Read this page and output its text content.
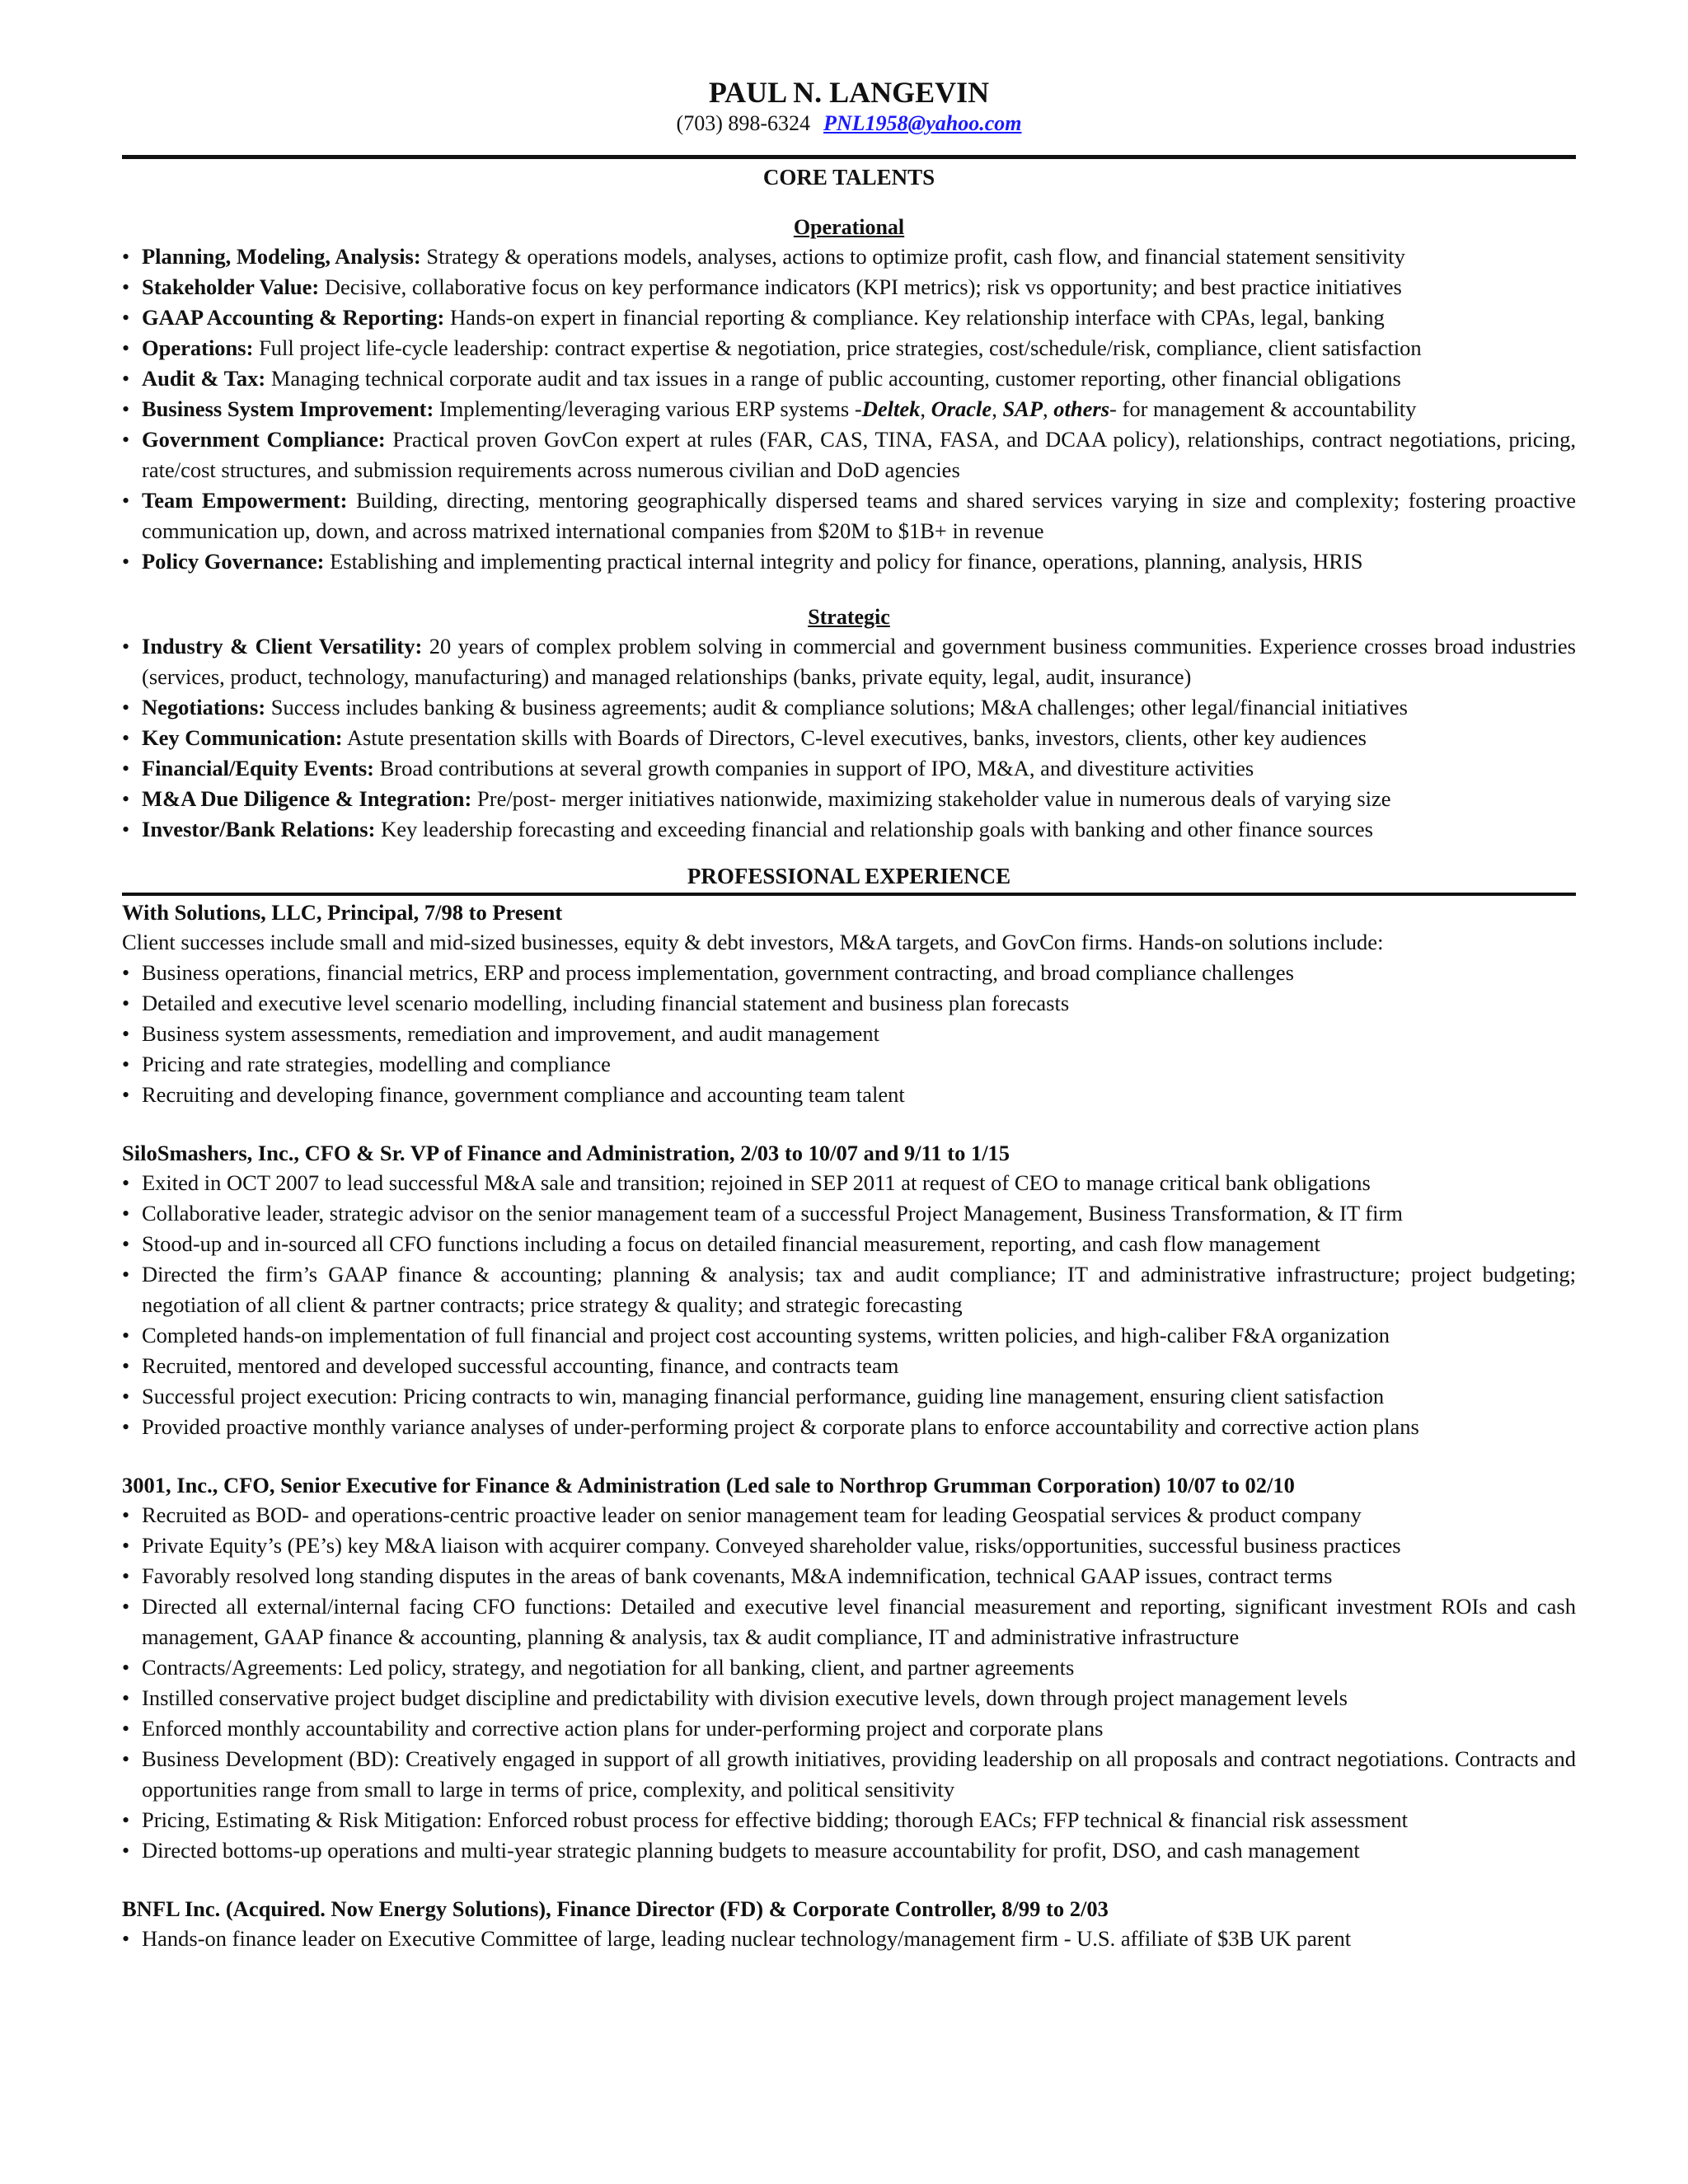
PAUL N. LANGEVIN
(703) 898-6324 PNL1958@yahoo.com
CORE TALENTS
Operational
• Planning, Modeling, Analysis: Strategy & operations models, analyses, actions to optimize profit, cash flow, and financial statement sensitivity
• Stakeholder Value: Decisive, collaborative focus on key performance indicators (KPI metrics); risk vs opportunity; and best practice initiatives
• GAAP Accounting & Reporting: Hands-on expert in financial reporting & compliance. Key relationship interface with CPAs, legal, banking
• Operations: Full project life-cycle leadership: contract expertise & negotiation, price strategies, cost/schedule/risk, compliance, client satisfaction
• Audit & Tax: Managing technical corporate audit and tax issues in a range of public accounting, customer reporting, other financial obligations
• Business System Improvement: Implementing/leveraging various ERP systems -Deltek, Oracle, SAP, others- for management & accountability
• Government Compliance: Practical proven GovCon expert at rules (FAR, CAS, TINA, FASA, and DCAA policy), relationships, contract negotiations, pricing, rate/cost structures, and submission requirements across numerous civilian and DoD agencies
• Team Empowerment: Building, directing, mentoring geographically dispersed teams and shared services varying in size and complexity; fostering proactive communication up, down, and across matrixed international companies from $20M to $1B+ in revenue
• Policy Governance: Establishing and implementing practical internal integrity and policy for finance, operations, planning, analysis, HRIS
Strategic
• Industry & Client Versatility: 20 years of complex problem solving in commercial and government business communities. Experience crosses broad industries (services, product, technology, manufacturing) and managed relationships (banks, private equity, legal, audit, insurance)
• Negotiations: Success includes banking & business agreements; audit & compliance solutions; M&A challenges; other legal/financial initiatives
• Key Communication: Astute presentation skills with Boards of Directors, C-level executives, banks, investors, clients, other key audiences
• Financial/Equity Events: Broad contributions at several growth companies in support of IPO, M&A, and divestiture activities
• M&A Due Diligence & Integration: Pre/post- merger initiatives nationwide, maximizing stakeholder value in numerous deals of varying size
• Investor/Bank Relations: Key leadership forecasting and exceeding financial and relationship goals with banking and other finance sources
PROFESSIONAL EXPERIENCE
With Solutions, LLC, Principal, 7/98 to Present
Client successes include small and mid-sized businesses, equity & debt investors, M&A targets, and GovCon firms. Hands-on solutions include:
• Business operations, financial metrics, ERP and process implementation, government contracting, and broad compliance challenges
• Detailed and executive level scenario modelling, including financial statement and business plan forecasts
• Business system assessments, remediation and improvement, and audit management
• Pricing and rate strategies, modelling and compliance
• Recruiting and developing finance, government compliance and accounting team talent
SiloSmashers, Inc., CFO & Sr. VP of Finance and Administration, 2/03 to 10/07 and 9/11 to 1/15
• Exited in OCT 2007 to lead successful M&A sale and transition; rejoined in SEP 2011 at request of CEO to manage critical bank obligations
• Collaborative leader, strategic advisor on the senior management team of a successful Project Management, Business Transformation, & IT firm
• Stood-up and in-sourced all CFO functions including a focus on detailed financial measurement, reporting, and cash flow management
• Directed the firm’s GAAP finance & accounting; planning & analysis; tax and audit compliance; IT and administrative infrastructure; project budgeting; negotiation of all client & partner contracts; price strategy & quality; and strategic forecasting
• Completed hands-on implementation of full financial and project cost accounting systems, written policies, and high-caliber F&A organization
• Recruited, mentored and developed successful accounting, finance, and contracts team
• Successful project execution: Pricing contracts to win, managing financial performance, guiding line management, ensuring client satisfaction
• Provided proactive monthly variance analyses of under-performing project & corporate plans to enforce accountability and corrective action plans
3001, Inc., CFO, Senior Executive for Finance & Administration (Led sale to Northrop Grumman Corporation) 10/07 to 02/10
• Recruited as BOD- and operations-centric proactive leader on senior management team for leading Geospatial services & product company
• Private Equity’s (PE’s) key M&A liaison with acquirer company. Conveyed shareholder value, risks/opportunities, successful business practices
• Favorably resolved long standing disputes in the areas of bank covenants, M&A indemnification, technical GAAP issues, contract terms
• Directed all external/internal facing CFO functions: Detailed and executive level financial measurement and reporting, significant investment ROIs and cash management, GAAP finance & accounting, planning & analysis, tax & audit compliance, IT and administrative infrastructure
• Contracts/Agreements: Led policy, strategy, and negotiation for all banking, client, and partner agreements
• Instilled conservative project budget discipline and predictability with division executive levels, down through project management levels
• Enforced monthly accountability and corrective action plans for under-performing project and corporate plans
• Business Development (BD): Creatively engaged in support of all growth initiatives, providing leadership on all proposals and contract negotiations. Contracts and opportunities range from small to large in terms of price, complexity, and political sensitivity
• Pricing, Estimating & Risk Mitigation: Enforced robust process for effective bidding; thorough EACs; FFP technical & financial risk assessment
• Directed bottoms-up operations and multi-year strategic planning budgets to measure accountability for profit, DSO, and cash management
BNFL Inc. (Acquired. Now Energy Solutions), Finance Director (FD) & Corporate Controller, 8/99 to 2/03
• Hands-on finance leader on Executive Committee of large, leading nuclear technology/management firm - U.S. affiliate of $3B UK parent
